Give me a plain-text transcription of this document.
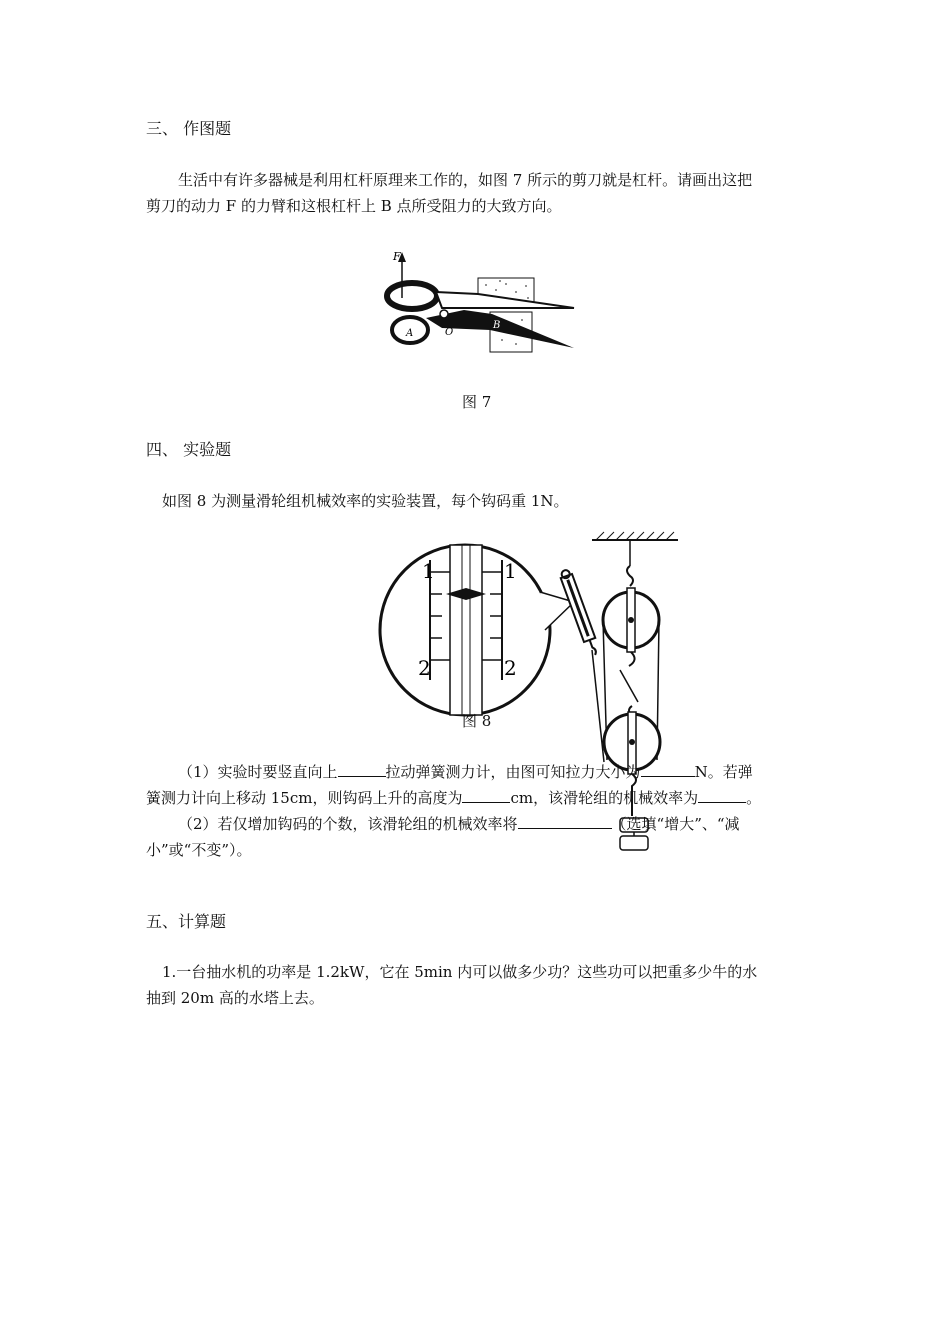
三、 作图题
生活中有许多器械是利用杠杆原理来工作的，如图 7 所示的剪刀就是杠杆。请画出这把
剪刀的动力 F 的力臂和这根杠杆上 B 点所受阻力的大致方向。
F
A	O
B
图 7
四、 实验题
如图 8 为测量滑轮组机械效率的实验装置，每个钩码重 1N。
1	1
2	2
图 8
（1）实验时要竖直向上	拉动弹簧测力计，由图可知拉力大小为	N。若弹
簧测力计向上移动 15cm，则钩码上升的高度为	cm，该滑轮组的机械效率为	。
（2）若仅增加钩码的个数，该滑轮组的机械效率将	（选填“增大”、“减
小”或“不变”）。
五、计算题
1.一台抽水机的功率是 1.2kW，它在 5min 内可以做多少功？这些功可以把重多少牛的水
抽到 20m 高的水塔上去。
